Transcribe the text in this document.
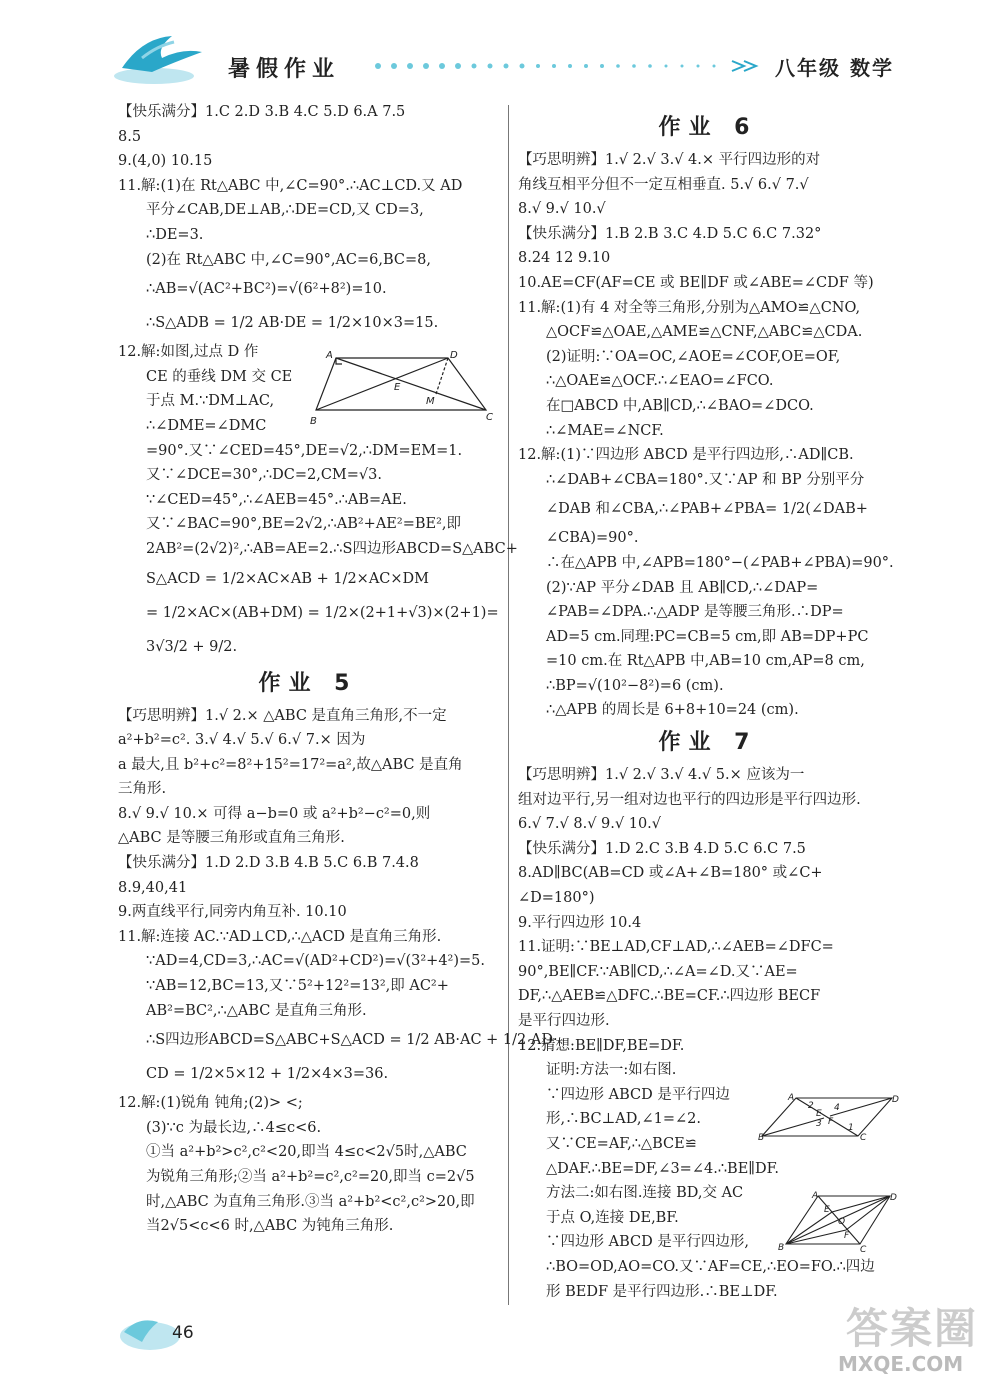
暑假作业	八年级 数学
【快乐满分】1.C 2.D 3.B 4.C 5.D 6.A 7.5
8.5
9.(4,0) 10.15
11.解:(1)在 Rt△ABC 中,∠C=90°.∴AC⊥CD.又 AD
平分∠CAB,DE⊥AB,∴DE=CD,又 CD=3,
∴DE=3.
(2)在 Rt△ABC 中,∠C=90°,AC=6,BC=8,
∴AB=√(AC²+BC²)=√(6²+8²)=10.
∴S△ADB = 1/2 AB·DE = 1/2×10×3=15.
12.解:如图,过点 D 作
CE 的垂线 DM 交 CE
于点 M.∵DM⊥AC,
∴∠DME=∠DMC
=90°.又∵∠CED=45°,DE=√2,∴DM=EM=1.
又∵∠DCE=30°,∴DC=2,CM=√3.
∵∠CED=45°,∴∠AEB=45°.∴AB=AE.
又∵∠BAC=90°,BE=2√2,∴AB²+AE²=BE²,即
2AB²=(2√2)²,∴AB=AE=2.∴S四边形ABCD=S△ABC+
S△ACD = 1/2×AC×AB + 1/2×AC×DM
= 1/2×AC×(AB+DM) = 1/2×(2+1+√3)×(2+1)=
3√3/2 + 9/2.
作业 5
【巧思明辨】1.√ 2.× △ABC 是直角三角形,不一定
a²+b²=c². 3.√ 4.√ 5.√ 6.√ 7.× 因为
a 最大,且 b²+c²=8²+15²=17²=a²,故△ABC 是直角
三角形.
8.√ 9.√ 10.× 可得 a−b=0 或 a²+b²−c²=0,则
△ABC 是等腰三角形或直角三角形.
【快乐满分】1.D 2.D 3.B 4.B 5.C 6.B 7.4.8
8.9,40,41
9.两直线平行,同旁内角互补. 10.10
11.解:连接 AC.∵AD⊥CD,∴△ACD 是直角三角形.
∵AD=4,CD=3,∴AC=√(AD²+CD²)=√(3²+4²)=5.
∵AB=12,BC=13,又∵5²+12²=13²,即 AC²+
AB²=BC²,∴△ABC 是直角三角形.
∴S四边形ABCD=S△ABC+S△ACD = 1/2 AB·AC + 1/2 AD·
CD = 1/2×5×12 + 1/2×4×3=36.
12.解:(1)锐角 钝角;(2)> <;
(3)∵c 为最长边,∴4≤c<6.
①当 a²+b²>c²,c²<20,即当 4≤c<2√5时,△ABC
为锐角三角形;②当 a²+b²=c²,c²=20,即当 c=2√5
时,△ABC 为直角三角形.③当 a²+b²<c²,c²>20,即
当2√5<c<6 时,△ABC 为钝角三角形.
A	D
E
M
B	C
作业 6
【巧思明辨】1.√ 2.√ 3.√ 4.× 平行四边形的对
角线互相平分但不一定互相垂直. 5.√ 6.√ 7.√
8.√ 9.√ 10.√
【快乐满分】1.B 2.B 3.C 4.D 5.C 6.C 7.32°
8.24 12 9.10
10.AE=CF(AF=CE 或 BE∥DF 或∠ABE=∠CDF 等)
11.解:(1)有 4 对全等三角形,分别为△AMO≌△CNO,
△OCF≌△OAE,△AME≌△CNF,△ABC≌△CDA.
(2)证明:∵OA=OC,∠AOE=∠COF,OE=OF,
∴△OAE≌△OCF.∴∠EAO=∠FCO.
在□ABCD 中,AB∥CD,∴∠BAO=∠DCO.
∴∠MAE=∠NCF.
12.解:(1)∵四边形 ABCD 是平行四边形,∴AD∥CB.
∴∠DAB+∠CBA=180°.又∵AP 和 BP 分别平分
∠DAB 和∠CBA,∴∠PAB+∠PBA= 1/2(∠DAB+
∠CBA)=90°.
∴在△APB 中,∠APB=180°−(∠PAB+∠PBA)=90°.
(2)∵AP 平分∠DAB 且 AB∥CD,∴∠DAP=
∠PAB=∠DPA.∴△ADP 是等腰三角形.∴DP=
AD=5 cm.同理:PC=CB=5 cm,即 AB=DP+PC
=10 cm.在 Rt△APB 中,AB=10 cm,AP=8 cm,
∴BP=√(10²−8²)=6 (cm).
∴△APB 的周长是 6+8+10=24 (cm).
作业 7
【巧思明辨】1.√ 2.√ 3.√ 4.√ 5.× 应该为一
组对边平行,另一组对边也平行的四边形是平行四边形.
6.√ 7.√ 8.√ 9.√ 10.√
【快乐满分】1.D 2.C 3.B 4.D 5.C 6.C 7.5
8.AD∥BC(AB=CD 或∠A+∠B=180° 或∠C+
∠D=180°)
9.平行四边形 10.4
11.证明:∵BE⊥AD,CF⊥AD,∴∠AEB=∠DFC=
90°,BE∥CF.∵AB∥CD,∴∠A=∠D.又∵AE=
DF,∴△AEB≌△DFC.∴BE=CF.∴四边形 BECF
是平行四边形.
12.猜想:BE∥DF,BE=DF.
证明:方法一:如右图.
∵四边形 ABCD 是平行四边
形,∴BC⊥AD,∠1=∠2.
又∵CE=AF,∴△BCE≌
△DAF.∴BE=DF,∠3=∠4.∴BE∥DF.
方法二:如右图.连接 BD,交 AC
于点 O,连接 DE,BF.
∵四边形 ABCD 是平行四边形,
∴BO=OD,AO=CO.又∵AF=CE,∴EO=FO.∴四边
形 BEDF 是平行四边形.∴BE⊥DF.
A	D
2
E
4
3 F
1
B	C
A	D
E
O
F
B	C
46	答案圈
MXQE.COM
